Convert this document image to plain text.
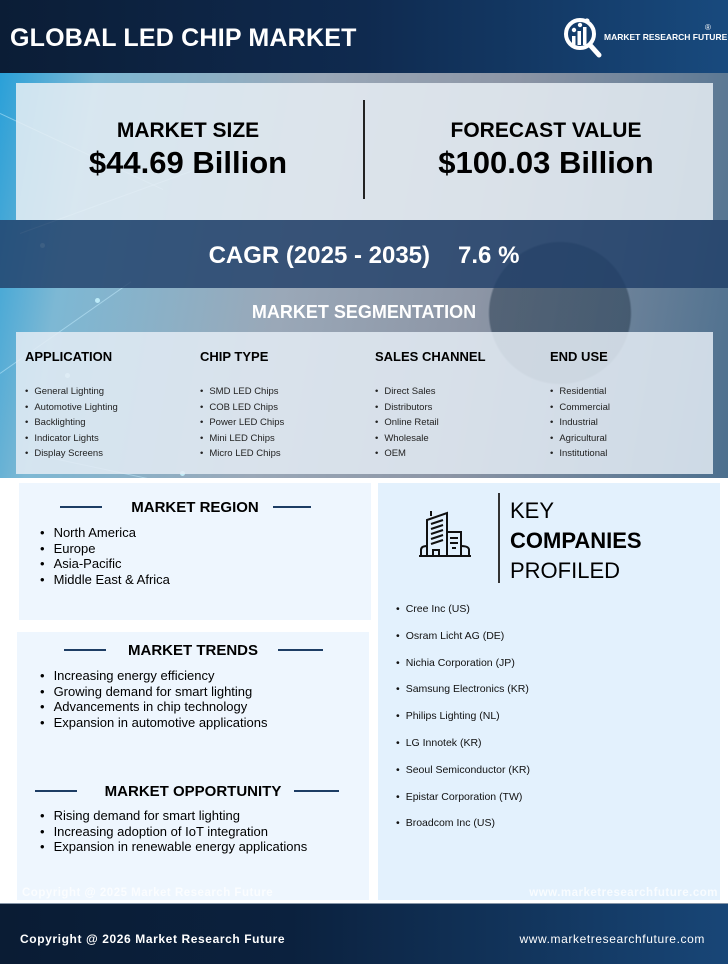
GLOBAL LED CHIP MARKET	MARKET RESEARCH FUTURE
®
MARKET SIZE
$44.69 Billion
FORECAST VALUE
$100.03 Billion
CAGR (2025 - 2035) 7.6 %
MARKET SEGMENTATION
APPLICATION
• General Lighting
• Automotive Lighting
• Backlighting
• Indicator Lights
• Display Screens
CHIP TYPE
• SMD LED Chips
• COB LED Chips
• Power LED Chips
• Mini LED Chips
• Micro LED Chips
SALES CHANNEL
• Direct Sales
• Distributors
• Online Retail
• Wholesale
• OEM
END USE
• Residential
• Commercial
• Industrial
• Agricultural
• Institutional
MARKET REGION
• North America
• Europe
• Asia-Pacific
• Middle East & Africa
MARKET TRENDS
• Increasing energy efficiency
• Growing demand for smart lighting
• Advancements in chip technology
• Expansion in automotive applications
MARKET OPPORTUNITY
• Rising demand for smart lighting
• Increasing adoption of IoT integration
• Expansion in renewable energy applications
Copyright @ 2025 Market Research Future
KEY
COMPANIES
PROFILED
• Cree Inc (US)
• Osram Licht AG (DE)
• Nichia Corporation (JP)
• Samsung Electronics (KR)
• Philips Lighting (NL)
• LG Innotek (KR)
• Seoul Semiconductor (KR)
• Epistar Corporation (TW)
• Broadcom Inc (US)
www.marketresearchfuture.com
Copyright @ 2026 Market Research Future	www.marketresearchfuture.com
